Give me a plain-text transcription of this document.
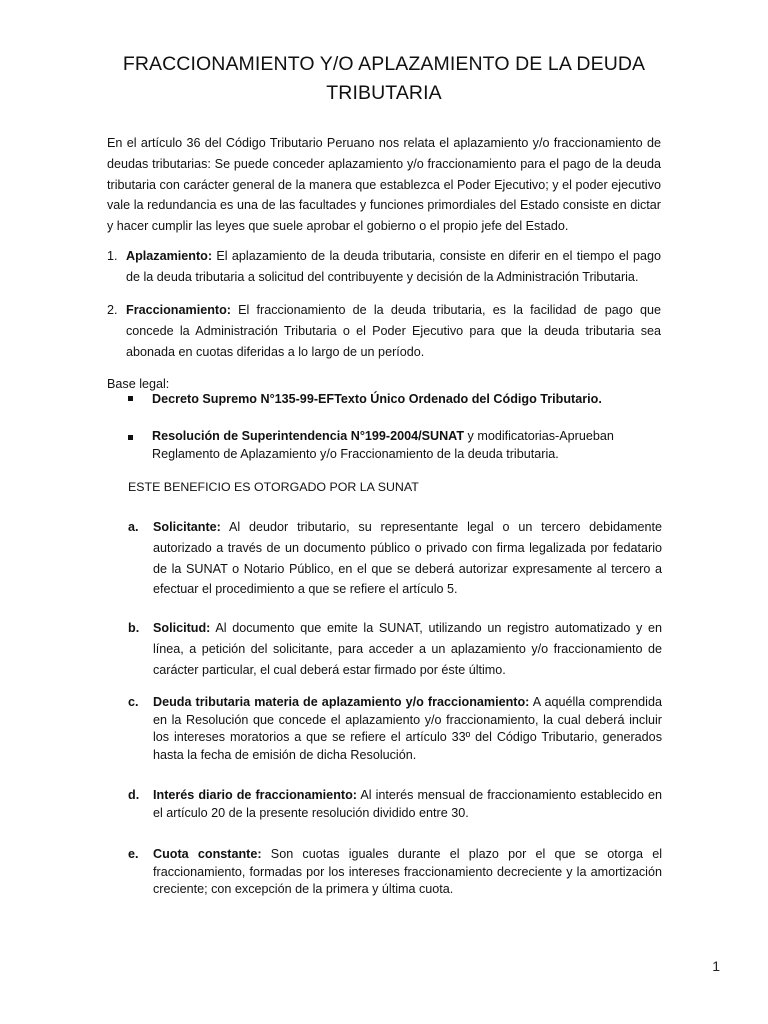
FRACCIONAMIENTO Y/O APLAZAMIENTO DE LA DEUDA TRIBUTARIA
En el artículo 36 del Código Tributario Peruano nos relata el aplazamiento y/o fraccionamiento de deudas tributarias: Se puede conceder aplazamiento y/o fraccionamiento para el pago de la deuda tributaria con carácter general de la manera que establezca el Poder Ejecutivo; y el poder ejecutivo vale la redundancia es una de las facultades y funciones primordiales del Estado consiste en dictar y hacer cumplir las leyes que suele aprobar el gobierno o el propio jefe del Estado.
1. Aplazamiento: El aplazamiento de la deuda tributaria, consiste en diferir en el tiempo el pago de la deuda tributaria a solicitud del contribuyente y decisión de la Administración Tributaria.
2. Fraccionamiento: El fraccionamiento de la deuda tributaria, es la facilidad de pago que concede la Administración Tributaria o el Poder Ejecutivo para que la deuda tributaria sea abonada en cuotas diferidas a lo largo de un período.
Base legal:
Decreto Supremo N°135-99-EFTexto Único Ordenado del Código Tributario.
Resolución de Superintendencia N°199-2004/SUNAT y modificatorias-Aprueban Reglamento de Aplazamiento y/o Fraccionamiento de la deuda tributaria.
ESTE BENEFICIO ES OTORGADO POR LA SUNAT
a.	Solicitante: Al deudor tributario, su representante legal o un tercero debidamente autorizado a través de un documento público o privado con firma legalizada por fedatario de la SUNAT o Notario Público, en el que se deberá autorizar expresamente al tercero a efectuar el procedimiento a que se refiere el artículo 5.
b.	Solicitud: Al documento que emite la SUNAT, utilizando un registro automatizado y en línea, a petición del solicitante, para acceder a un aplazamiento y/o fraccionamiento de carácter particular, el cual deberá estar firmado por éste último.
c.	Deuda tributaria materia de aplazamiento y/o fraccionamiento: A aquélla comprendida en la Resolución que concede el aplazamiento y/o fraccionamiento, la cual deberá incluir los intereses moratorios a que se refiere el artículo 33º del Código Tributario, generados hasta la fecha de emisión de dicha Resolución.
d.	Interés diario de fraccionamiento: Al interés mensual de fraccionamiento establecido en el artículo 20 de la presente resolución dividido entre 30.
e.	Cuota constante: Son cuotas iguales durante el plazo por el que se otorga el fraccionamiento, formadas por los intereses fraccionamiento decreciente y la amortización creciente; con excepción de la primera y última cuota.
1
